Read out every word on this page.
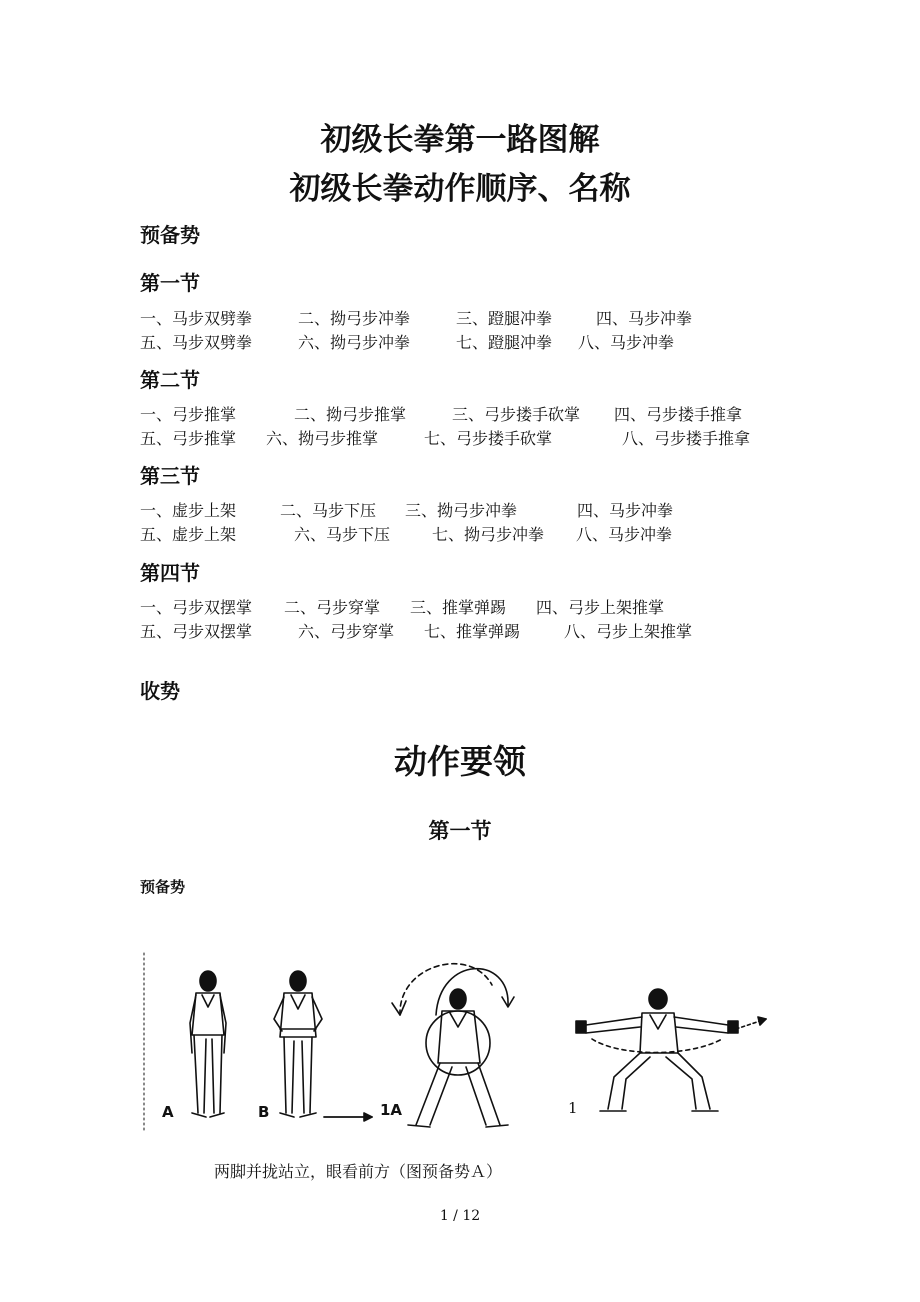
初级长拳第一路图解
初级长拳动作顺序、名称
预备势
第一节
一、马步双劈拳	二、拗弓步冲拳	三、蹬腿冲拳	四、马步冲拳
五、马步双劈拳	六、拗弓步冲拳	七、蹬腿冲拳 八、马步冲拳
第二节
一、弓步推掌	二、拗弓步推掌	三、弓步搂手砍掌 四、弓步搂手推拿
五、弓步推掌 六、拗弓步推掌	七、弓步搂手砍掌	八、弓步搂手推拿
第三节
一、虚步上架	二、马步下压 三、拗弓步冲拳	四、马步冲拳
五、虚步上架	六、马步下压	七、拗弓步冲拳 八、马步冲拳
第四节
一、弓步双摆掌 二、弓步穿掌 三、推掌弹踢 四、弓步上架推掌
五、弓步双摆掌	六、弓步穿掌 七、推掌弹踢	八、弓步上架推掌
收势
动作要领
第一节
预备势
A	B	1A	1
两脚并拢站立，眼看前方（图预备势Ａ）
1 / 12
